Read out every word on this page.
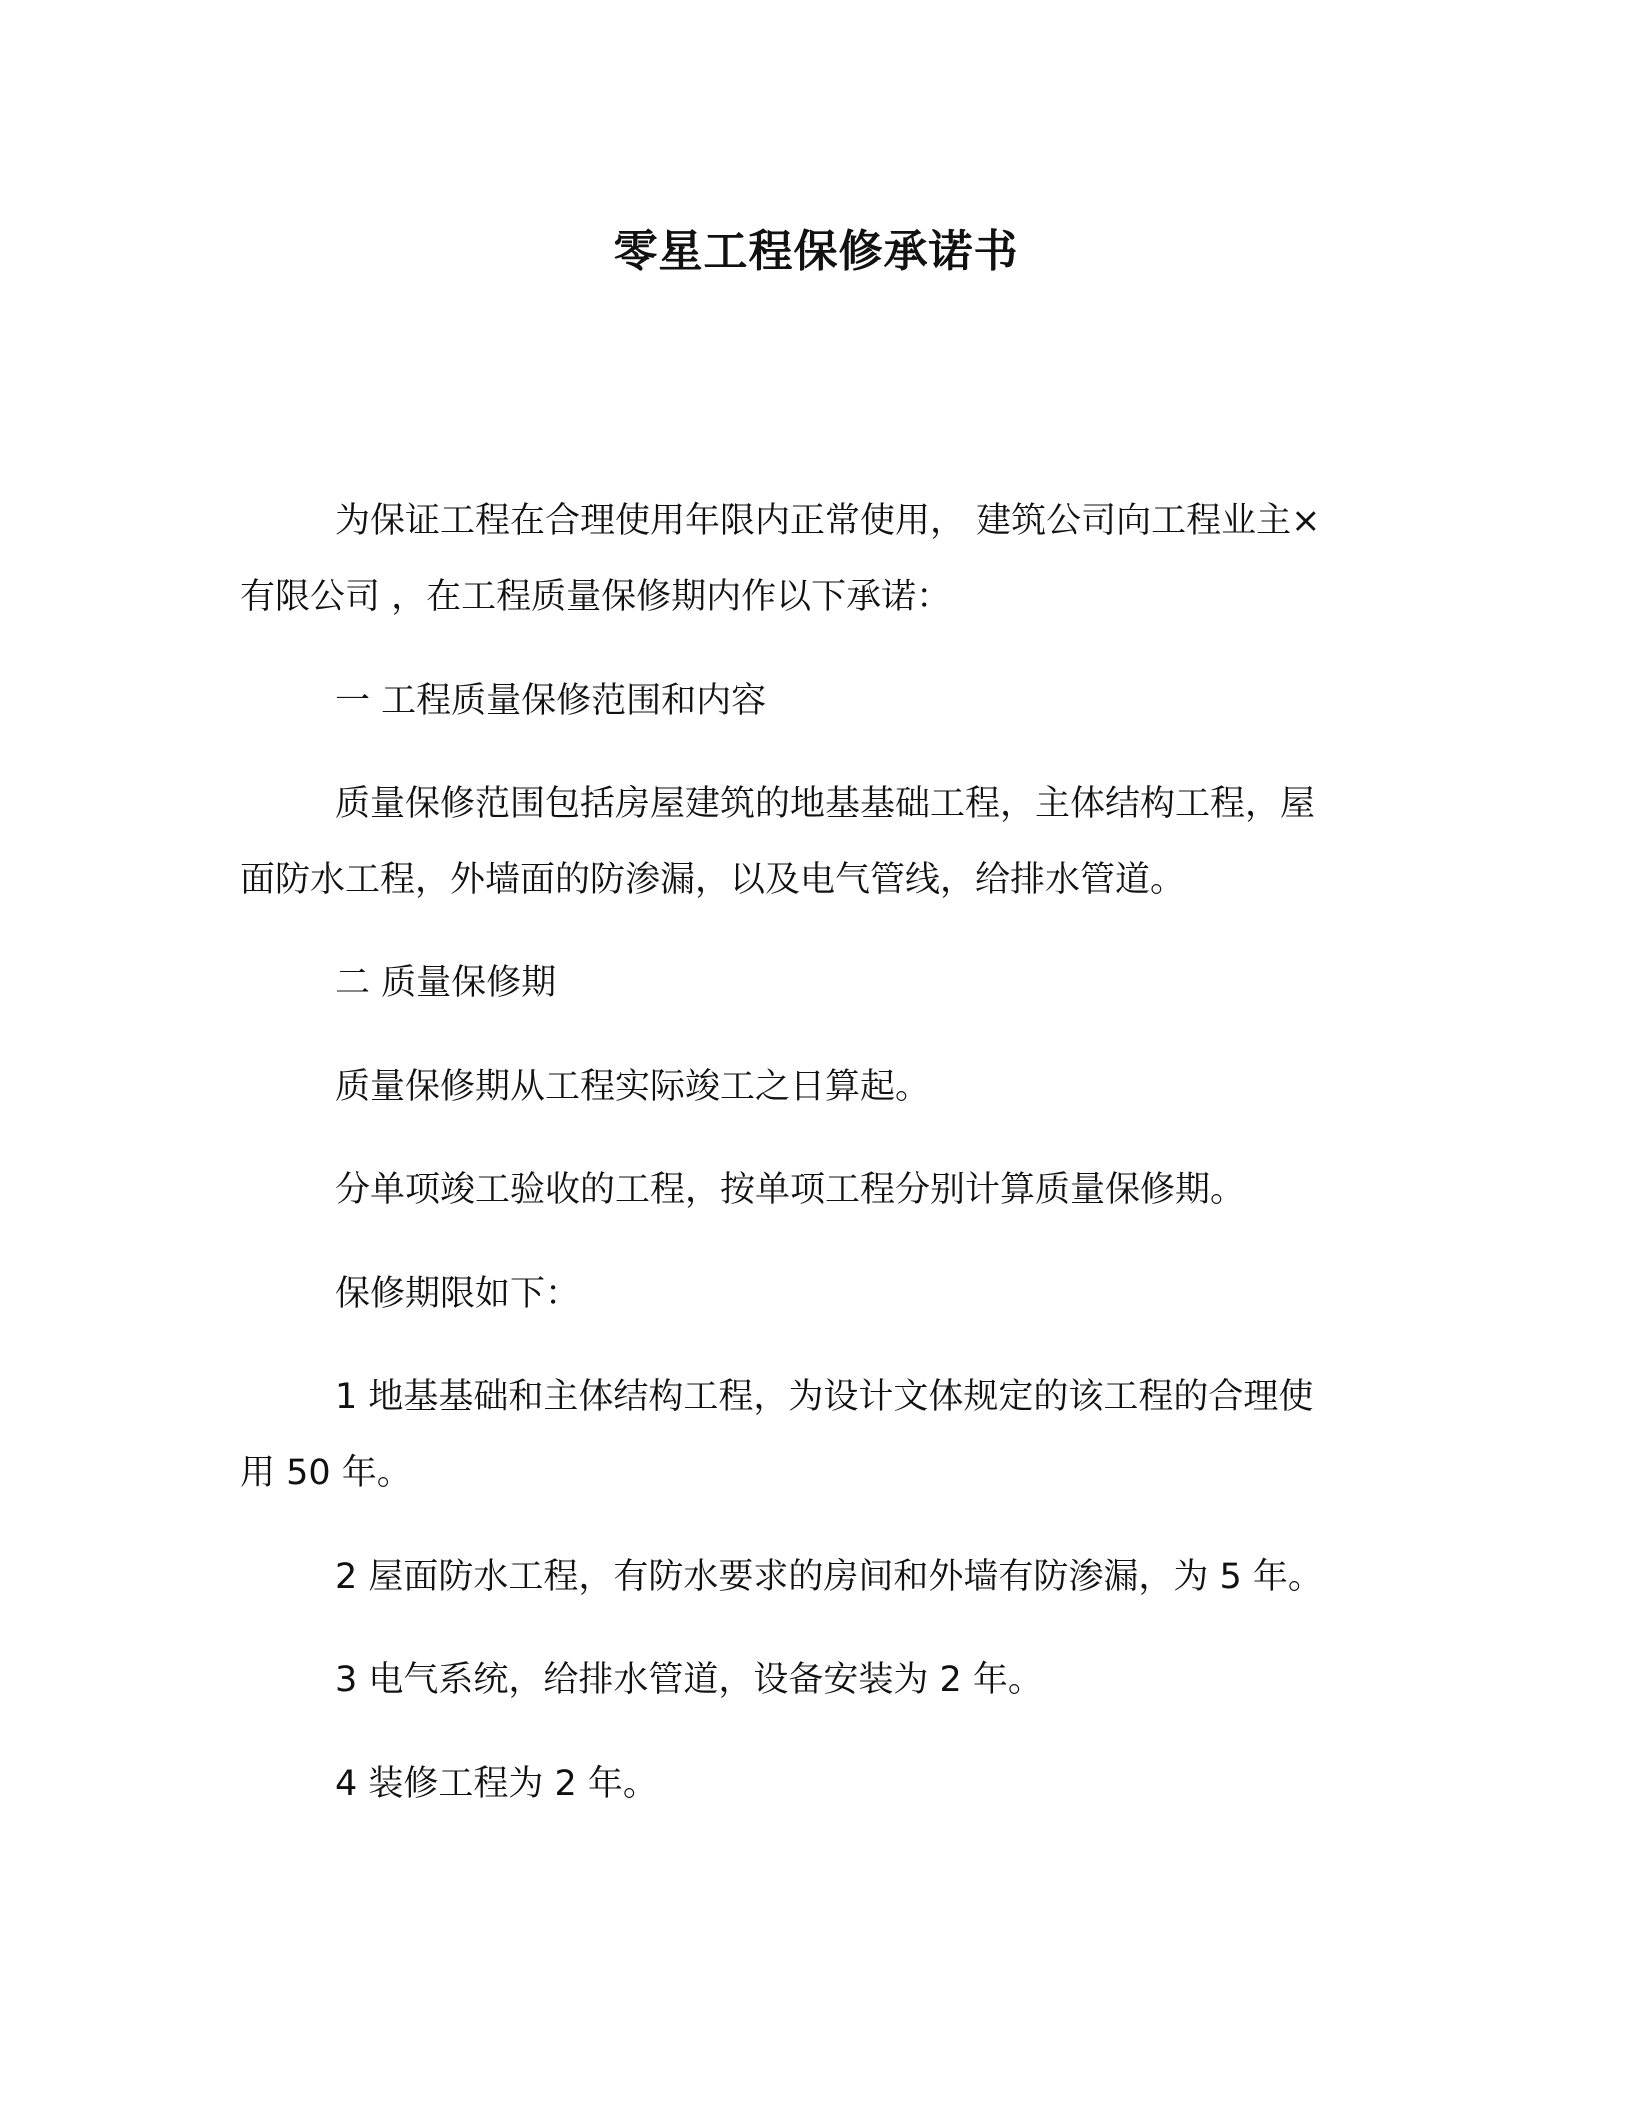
零星工程保修承诺书
为保证工程在合理使用年限内正常使用， 建筑公司向工程业主×
有限公司 ，在工程质量保修期内作以下承诺：
一 工程质量保修范围和内容
质量保修范围包括房屋建筑的地基基础工程，主体结构工程，屋
面防水工程，外墙面的防渗漏，以及电气管线，给排水管道。
二 质量保修期
质量保修期从工程实际竣工之日算起。
分单项竣工验收的工程，按单项工程分别计算质量保修期。
保修期限如下：
1 地基基础和主体结构工程，为设计文体规定的该工程的合理使
用 50 年。
2 屋面防水工程，有防水要求的房间和外墙有防渗漏，为 5 年。
3 电气系统，给排水管道，设备安装为 2 年。
4 装修工程为 2 年。
